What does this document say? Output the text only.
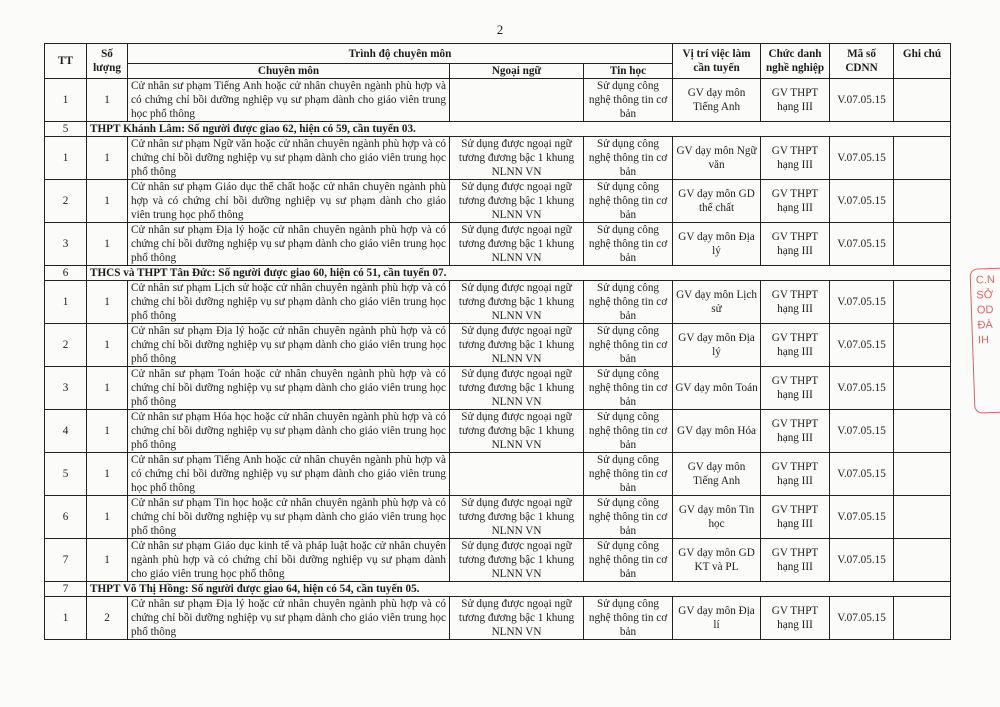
2
TT	Số lượng	Trình độ chuyên môn			Vị trí việc làm cần tuyển	Chức danh nghề nghiệp	Mã số CDNN	Ghi chú
		Chuyên môn	Ngoại ngữ	Tin học				
1	1	Cử nhân sư phạm Tiếng Anh hoặc cử nhân chuyên ngành phù hợp và có chứng chỉ bồi dưỡng nghiệp vụ sư phạm dành cho giáo viên trung học phổ thông		Sử dụng công nghệ thông tin cơ bản	GV dạy môn Tiếng Anh	GV THPT hạng III	V.07.05.15	
5	THPT Khánh Lâm: Số người được giao 62, hiện có 59, cần tuyển 03.							
1	1	Cử nhân sư phạm Ngữ văn hoặc cử nhân chuyên ngành phù hợp và có chứng chỉ bồi dưỡng nghiệp vụ sư phạm dành cho giáo viên trung học phổ thông	Sử dụng được ngoại ngữ tương đương bậc 1 khung NLNN VN	Sử dụng công nghệ thông tin cơ bản	GV dạy môn Ngữ văn	GV THPT hạng III	V.07.05.15	
2	1	Cử nhân sư phạm Giáo dục thể chất hoặc cử nhân chuyên ngành phù hợp và có chứng chỉ bồi dưỡng nghiệp vụ sư phạm dành cho giáo viên trung học phổ thông	Sử dụng được ngoại ngữ tương đương bậc 1 khung NLNN VN	Sử dụng công nghệ thông tin cơ bản	GV dạy môn GD thể chất	GV THPT hạng III	V.07.05.15	
3	1	Cử nhân sư phạm Địa lý hoặc cử nhân chuyên ngành phù hợp và có chứng chỉ bồi dưỡng nghiệp vụ sư phạm dành cho giáo viên trung học phổ thông	Sử dụng được ngoại ngữ tương đương bậc 1 khung NLNN VN	Sử dụng công nghệ thông tin cơ bản	GV dạy môn Địa lý	GV THPT hạng III	V.07.05.15	
6	THCS và THPT Tân Đức: Số người được giao 60, hiện có 51, cần tuyển 07.							
1	1	Cử nhân sư phạm Lịch sử hoặc cử nhân chuyên ngành phù hợp và có chứng chỉ bồi dưỡng nghiệp vụ sư phạm dành cho giáo viên trung học phổ thông	Sử dụng được ngoại ngữ tương đương bậc 1 khung NLNN VN	Sử dụng công nghệ thông tin cơ bản	GV dạy môn Lịch sử	GV THPT hạng III	V.07.05.15	
2	1	Cử nhân sư phạm Địa lý hoặc cử nhân chuyên ngành phù hợp và có chứng chỉ bồi dưỡng nghiệp vụ sư phạm dành cho giáo viên trung học phổ thông	Sử dụng được ngoại ngữ tương đương bậc 1 khung NLNN VN	Sử dụng công nghệ thông tin cơ bản	GV dạy môn Địa lý	GV THPT hạng III	V.07.05.15	
3	1	Cử nhân sư phạm Toán hoặc cử nhân chuyên ngành phù hợp và có chứng chỉ bồi dưỡng nghiệp vụ sư phạm dành cho giáo viên trung học phổ thông	Sử dụng được ngoại ngữ tương đương bậc 1 khung NLNN VN	Sử dụng công nghệ thông tin cơ bản	GV dạy môn Toán	GV THPT hạng III	V.07.05.15	
4	1	Cử nhân sư phạm Hóa học hoặc cử nhân chuyên ngành phù hợp và có chứng chỉ bồi dưỡng nghiệp vụ sư phạm dành cho giáo viên trung học phổ thông	Sử dụng được ngoại ngữ tương đương bậc 1 khung NLNN VN	Sử dụng công nghệ thông tin cơ bản	GV dạy môn Hóa	GV THPT hạng III	V.07.05.15	
5	1	Cử nhân sư phạm Tiếng Anh hoặc cử nhân chuyên ngành phù hợp và có chứng chỉ bồi dưỡng nghiệp vụ sư phạm dành cho giáo viên trung học phổ thông		Sử dụng công nghệ thông tin cơ bản	GV dạy môn Tiếng Anh	GV THPT hạng III	V.07.05.15	
6	1	Cử nhân sư phạm Tin học hoặc cử nhân chuyên ngành phù hợp và có chứng chỉ bồi dưỡng nghiệp vụ sư phạm dành cho giáo viên trung học phổ thông	Sử dụng được ngoại ngữ tương đương bậc 1 khung NLNN VN	Sử dụng công nghệ thông tin cơ bản	GV dạy môn Tin học	GV THPT hạng III	V.07.05.15	
7	1	Cử nhân sư phạm Giáo dục kinh tế và pháp luật hoặc cử nhân chuyên ngành phù hợp và có chứng chỉ bồi dưỡng nghiệp vụ sư phạm dành cho giáo viên trung học phổ thông	Sử dụng được ngoại ngữ tương đương bậc 1 khung NLNN VN	Sử dụng công nghệ thông tin cơ bản	GV dạy môn GD KT và PL	GV THPT hạng III	V.07.05.15	
7	THPT Võ Thị Hồng: Số người được giao 64, hiện có 54, cần tuyển 05.							
1	2	Cử nhân sư phạm Địa lý hoặc cử nhân chuyên ngành phù hợp và có chứng chỉ bồi dưỡng nghiệp vụ sư phạm dành cho giáo viên trung học phổ thông	Sử dụng được ngoại ngữ tương đương bậc 1 khung NLNN VN	Sử dụng công nghệ thông tin cơ bản	GV dạy môn Địa lí	GV THPT hạng III	V.07.05.15	
C.N
SỞ
OD
ĐÀ
IH
